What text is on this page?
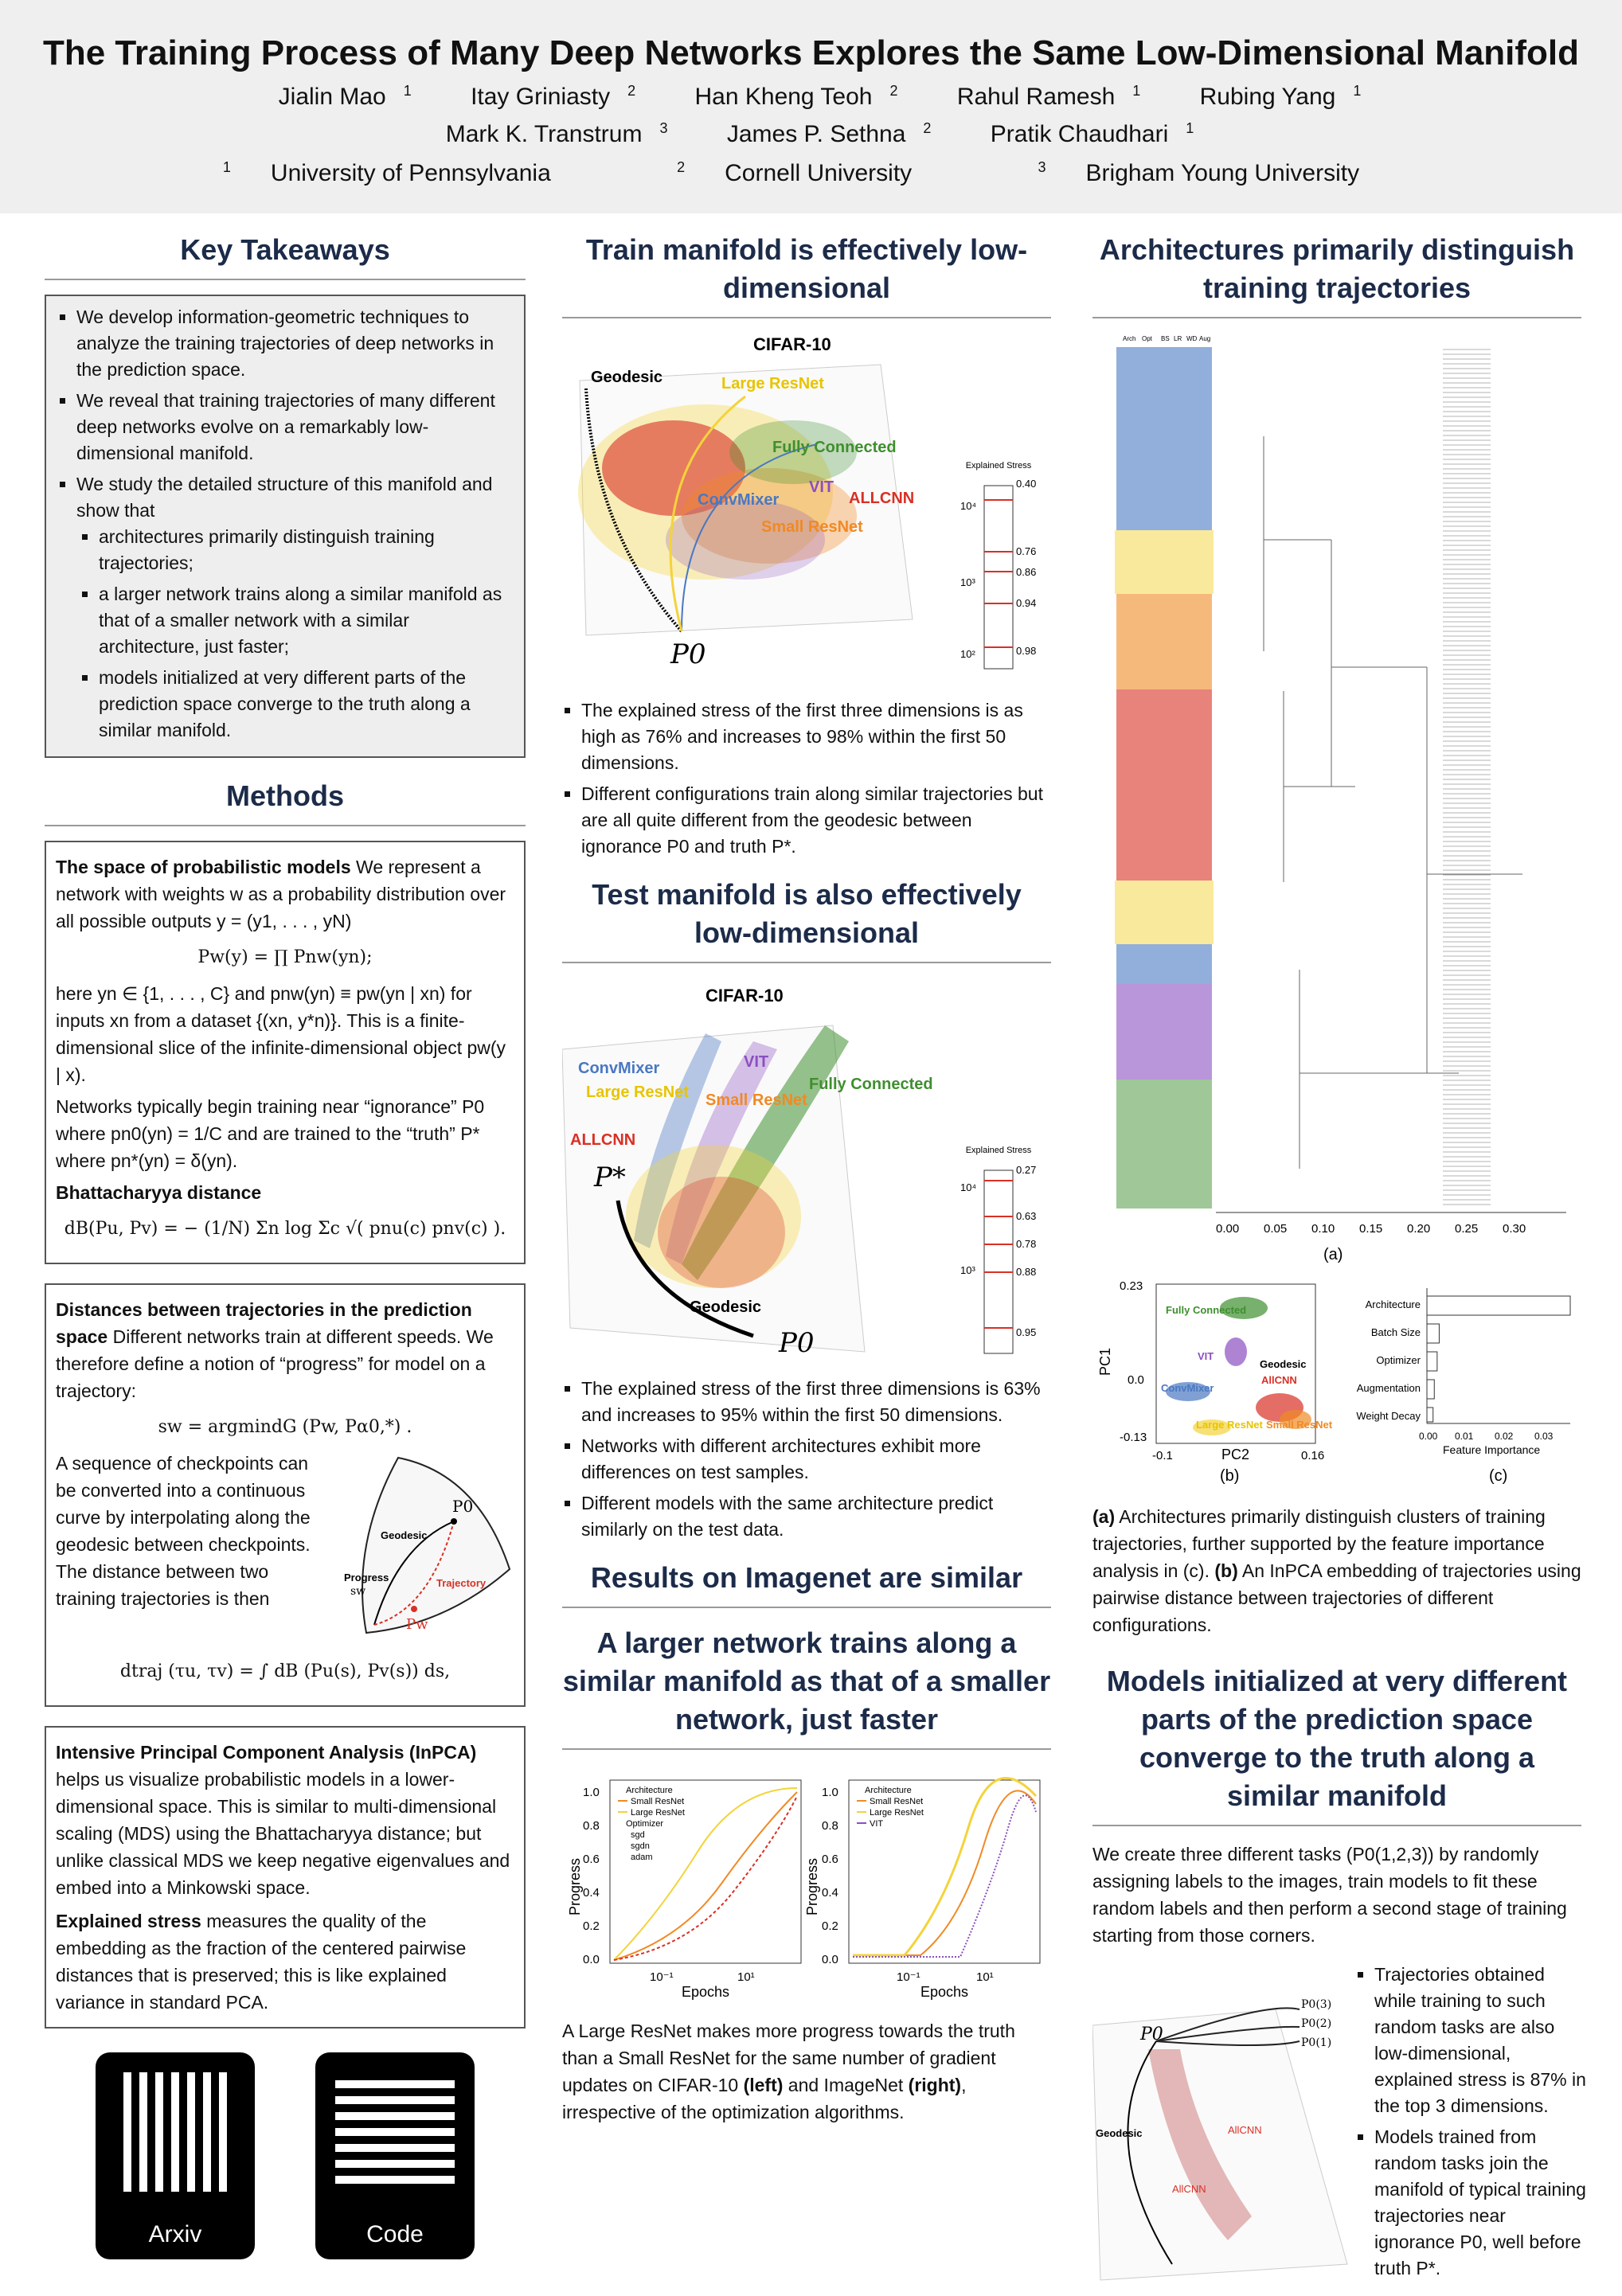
The Training Process of Many Deep Networks Explores the Same Low-Dimensional Manifold
Jialin Mao $^1$ Itay Griniasty $^2$ Han Kheng Teoh $^2$ Rahul Ramesh $^1$ Rubing Yang $^1$
Mark K. Transtrum $^3$ James P. Sethna $^2$ Pratik Chaudhari $^1$
$^1$ University of Pennsylvania	$^2$ Cornell University	$^3$ Brigham Young University
Key Takeaways
▪ We develop information-geometric techniques to analyze the training trajectories of deep networks in the prediction space.
▪ We reveal that training trajectories of many different deep networks evolve on a remarkably low-dimensional manifold.
▪ We study the detailed structure of this manifold and show that
▪ architectures primarily distinguish training trajectories;
▪ a larger network trains along a similar manifold as that of a smaller network with a similar architecture, just faster;
▪ models initialized at very different parts of the prediction space converge to the truth along a similar manifold.
Methods
The space of probabilistic models We represent a network with weights w as a probability distribution over all possible outputs y = (y1, . . . , yN)
Pw(y) = ∏ Pnw(yn);
here yn ∈ {1, . . . , C} and pnw(yn) ≡ pw(yn | xn) for inputs xn from a dataset {(xn, y*n)}. This is a finite-dimensional slice of the infinite-dimensional object pw(y | x).
Networks typically begin training near “ignorance” P0 where pn0(yn) = 1/C and are trained to the “truth” P* where pn*(yn) = δ(yn).
Bhattacharyya distance
dB(Pu, Pv) = − (1/N) Σn log Σc √( pnu(c) pnv(c) ).
Distances between trajectories in the prediction space Different networks train at different speeds. We therefore define a notion of “progress” for model on a trajectory:
sw = argmindG (Pw, Pα0,*) .
A sequence of checkpoints can be converted into a continuous curve by interpolating along the geodesic between checkpoints. The distance between two training trajectories is then
P0
Geodesic
Progress
sw
Trajectory
Pw
dtraj (τu, τv) = ∫ dB (Pu(s), Pv(s)) ds,
Intensive Principal Component Analysis (InPCA) helps us visualize probabilistic models in a lower-dimensional space. This is similar to multi-dimensional scaling (MDS) using the Bhattacharyya distance; but unlike classical MDS we keep negative eigenvalues and embed into a Minkowski space.
Explained stress measures the quality of the embedding as the fraction of the centered pairwise distances that is preserved; this is like explained variance in standard PCA.
Arxiv	Code
Train manifold is effectively low-dimensional
CIFAR-10
Geodesic	Large ResNet
Fully Connected
VIT
ALLCNN
ConvMixer
Small ResNet
P0
Explained Stress
0.40
0.76
0.86
0.94
0.98
10⁴
10³
10²
▪ The explained stress of the first three dimensions is as high as 76% and increases to 98% within the first 50 dimensions.
▪ Different configurations train along similar trajectories but are all quite different from the geodesic between ignorance P0 and truth P*.
Test manifold is also effectively low-dimensional
CIFAR-10
ConvMixer	VIT
Large ResNet Small ResNet
Fully Connected
ALLCNN
P*
Geodesic
P0
Explained Stress
0.27
0.63
0.78
0.88
0.95
10⁴
10³
▪ The explained stress of the first three dimensions is 63% and increases to 95% within the first 50 dimensions.
▪ Networks with different architectures exhibit more differences on test samples.
▪ Different models with the same architecture predict similarly on the test data.
Results on Imagenet are similar
A larger network trains along a similar manifold as that of a smaller network, just faster
Progress
Epochs
0.0
0.2
0.4
0.6
0.8
1.0
10⁻¹	10¹
Architecture
Small ResNet
Large ResNet
Optimizer
sgd
sgdn
adam
Progress
Epochs
0.0
0.2
0.4
0.6
0.8
1.0
10⁻¹	10¹
Architecture
Small ResNet
Large ResNet
VIT
A Large ResNet makes more progress towards the truth than a Small ResNet for the same number of gradient updates on CIFAR-10 (left) and ImageNet (right), irrespective of the optimization algorithms.
Architectures primarily distinguish training trajectories
Arch Opt BS LR WD Aug
0.00 0.05 0.10 0.15 0.20 0.25 0.30
(a)
PC1
PC2
0.23
0.0
-0.13
-0.1	0.16
Fully Connected
VIT
Geodesic
AllCNN
ConvMixer
Large ResNet Small ResNet
(b)
Architecture
Batch Size
Optimizer
Augmentation
Weight Decay
0.00 0.01 0.02 0.03
Feature Importance
(c)
(a) Architectures primarily distinguish clusters of training trajectories, further supported by the feature importance analysis in (c). (b) An InPCA embedding of trajectories using pairwise distance between trajectories of different configurations.
Models initialized at very different parts of the prediction space converge to the truth along a similar manifold
We create three different tasks (P0(1,2,3)) by randomly assigning labels to the images, train models to fit these random labels and then perform a second stage of training starting from those corners.
P0
Geodesic	AllCNN
AllCNN
P0(3)
P0(2)
P0(1)
▪ Trajectories obtained while training to such random tasks are also low-dimensional, explained stress is 87% in the top 3 dimensions.
▪ Models trained from random tasks join the manifold of typical training trajectories near ignorance P0, well before truth P*.
